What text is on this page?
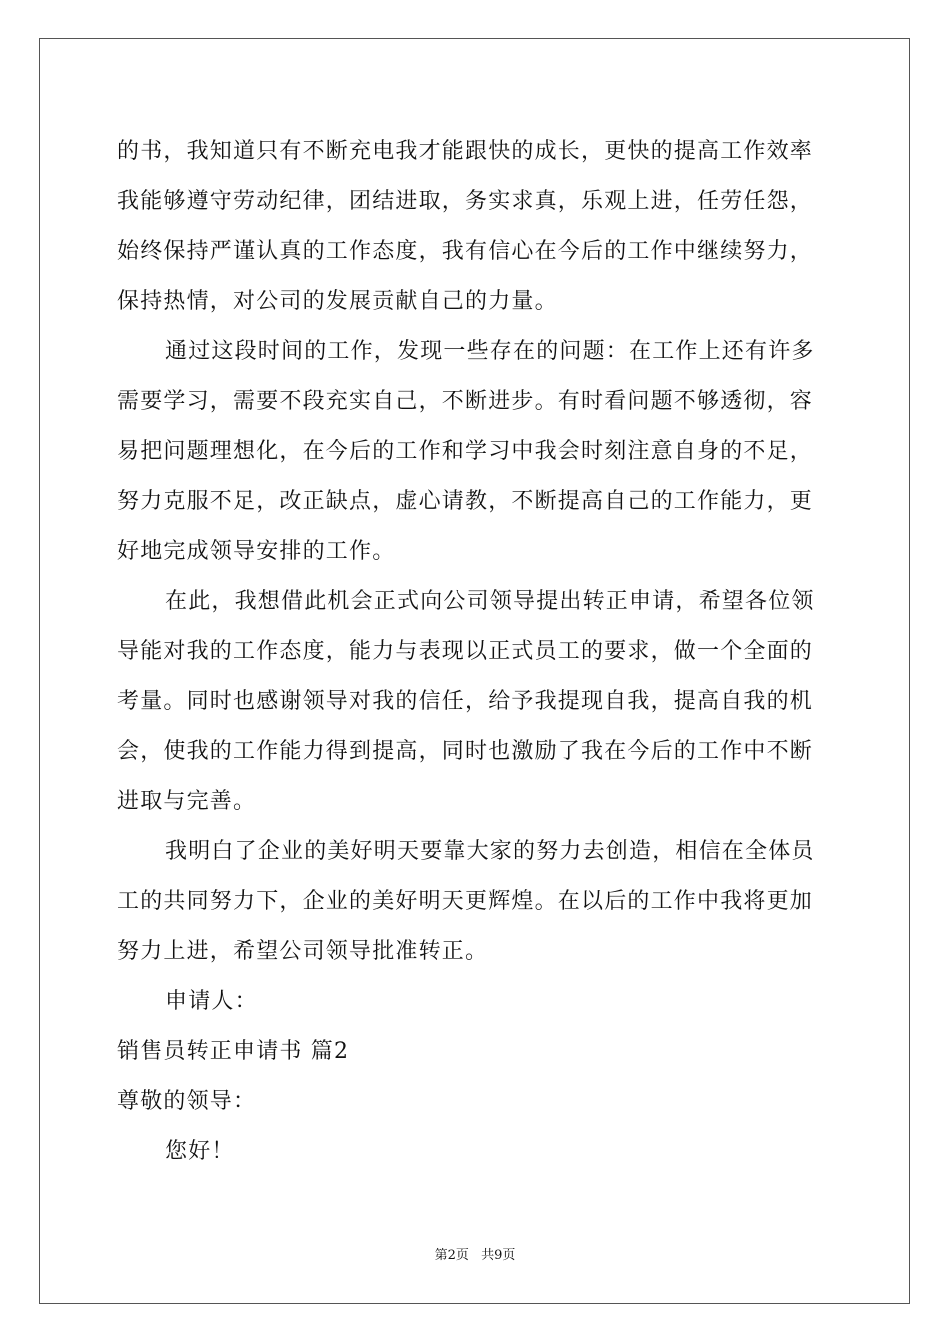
的书，我知道只有不断充电我才能跟快的成长，更快的提高工作效率
我能够遵守劳动纪律，团结进取，务实求真，乐观上进，任劳任怨，
始终保持严谨认真的工作态度，我有信心在今后的工作中继续努力，
保持热情，对公司的发展贡献自己的力量。
通过这段时间的工作，发现一些存在的问题：在工作上还有许多
需要学习，需要不段充实自己，不断进步。有时看问题不够透彻，容
易把问题理想化，在今后的工作和学习中我会时刻注意自身的不足，
努力克服不足，改正缺点，虚心请教，不断提高自己的工作能力，更
好地完成领导安排的工作。
在此，我想借此机会正式向公司领导提出转正申请，希望各位领
导能对我的工作态度，能力与表现以正式员工的要求，做一个全面的
考量。同时也感谢领导对我的信任，给予我提现自我，提高自我的机
会，使我的工作能力得到提高，同时也激励了我在今后的工作中不断
进取与完善。
我明白了企业的美好明天要靠大家的努力去创造，相信在全体员
工的共同努力下，企业的美好明天更辉煌。在以后的工作中我将更加
努力上进，希望公司领导批准转正。
申请人：
销售员转正申请书 篇2
尊敬的领导：
您好！
第2页 共9页
